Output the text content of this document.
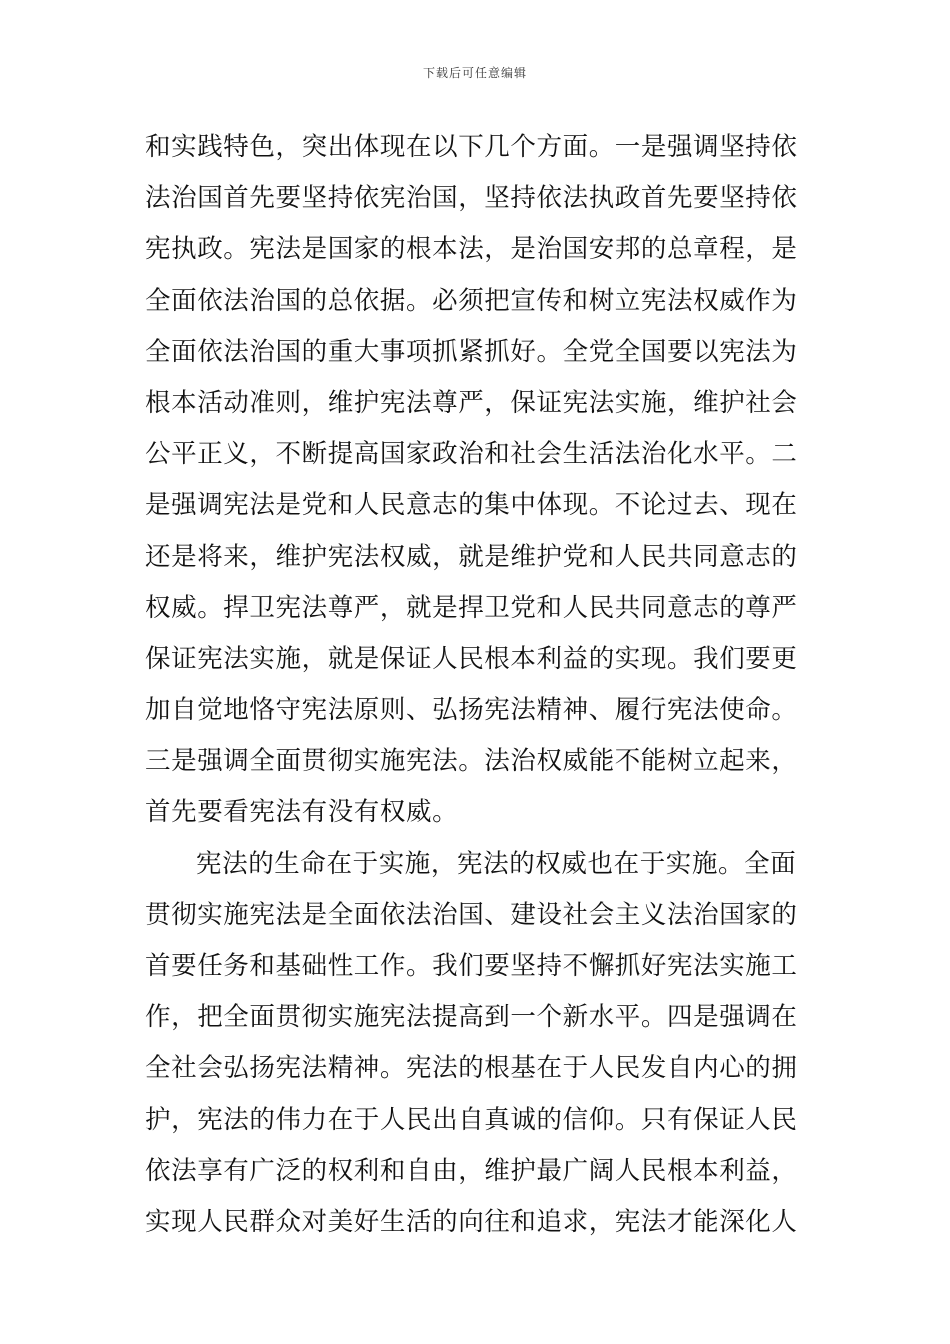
下载后可任意编辑
和实践特色，突出体现在以下几个方面。一是强调坚持依
法治国首先要坚持依宪治国，坚持依法执政首先要坚持依
宪执政。宪法是国家的根本法，是治国安邦的总章程，是
全面依法治国的总依据。必须把宣传和树立宪法权威作为
全面依法治国的重大事项抓紧抓好。全党全国要以宪法为
根本活动准则，维护宪法尊严，保证宪法实施，维护社会
公平正义，不断提高国家政治和社会生活法治化水平。二
是强调宪法是党和人民意志的集中体现。不论过去、现在
还是将来，维护宪法权威，就是维护党和人民共同意志的
权威。捍卫宪法尊严，就是捍卫党和人民共同意志的尊严
保证宪法实施，就是保证人民根本利益的实现。我们要更
加自觉地恪守宪法原则、弘扬宪法精神、履行宪法使命。
三是强调全面贯彻实施宪法。法治权威能不能树立起来，
首先要看宪法有没有权威。
宪法的生命在于实施，宪法的权威也在于实施。全面
贯彻实施宪法是全面依法治国、建设社会主义法治国家的
首要任务和基础性工作。我们要坚持不懈抓好宪法实施工
作，把全面贯彻实施宪法提高到一个新水平。四是强调在
全社会弘扬宪法精神。宪法的根基在于人民发自内心的拥
护，宪法的伟力在于人民出自真诚的信仰。只有保证人民
依法享有广泛的权利和自由，维护最广阔人民根本利益，
实现人民群众对美好生活的向往和追求，宪法才能深化人
